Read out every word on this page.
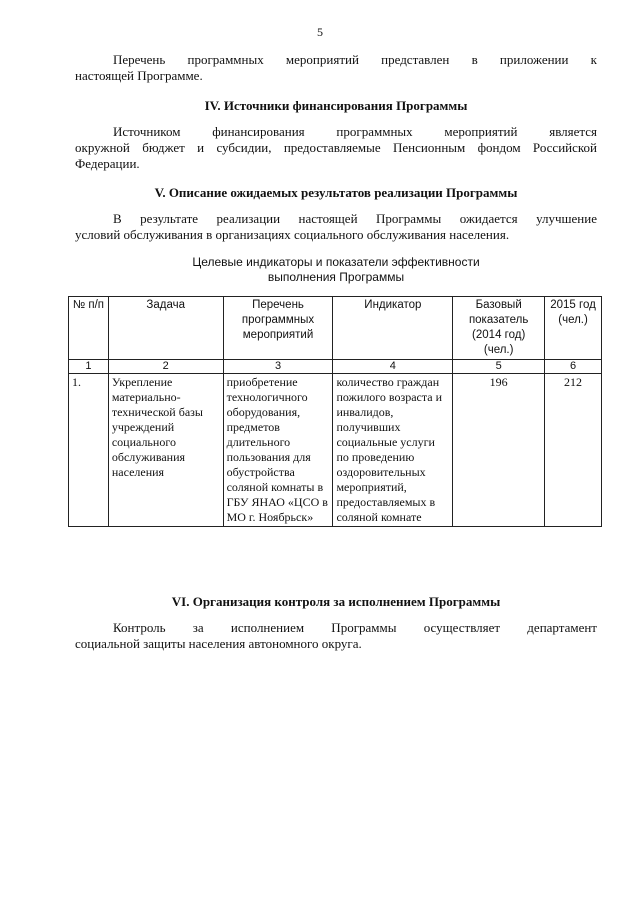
5
Перечень программных мероприятий представлен в приложении к
настоящей Программе.
IV. Источники финансирования Программы
Источником финансирования программных мероприятий является
окружной бюджет и субсидии, предоставляемые Пенсионным фондом Российской
Федерации.
V. Описание ожидаемых результатов реализации Программы
В результате реализации настоящей Программы ожидается улучшение
условий обслуживания в организациях социального обслуживания населения.
Целевые индикаторы и показатели эффективности
выполнения Программы
№ п/п	Задача	Перечень программных мероприятий	Индикатор	Базовый показатель (2014 год) (чел.)	2015 год (чел.)
1	2	3	4	5	6
1.	Укрепление материально-технической базы учреждений социального обслуживания населения	приобретение технологичного оборудования, предметов длительного пользования для обустройства соляной комнаты в ГБУ ЯНАО «ЦСО в МО г. Ноябрьск»	количество граждан пожилого возраста и инвалидов, получивших социальные услуги по проведению оздоровительных мероприятий, предоставляемых в соляной комнате	196	212
VI. Организация контроля за исполнением Программы
Контроль за исполнением Программы осуществляет департамент
социальной защиты населения автономного округа.
